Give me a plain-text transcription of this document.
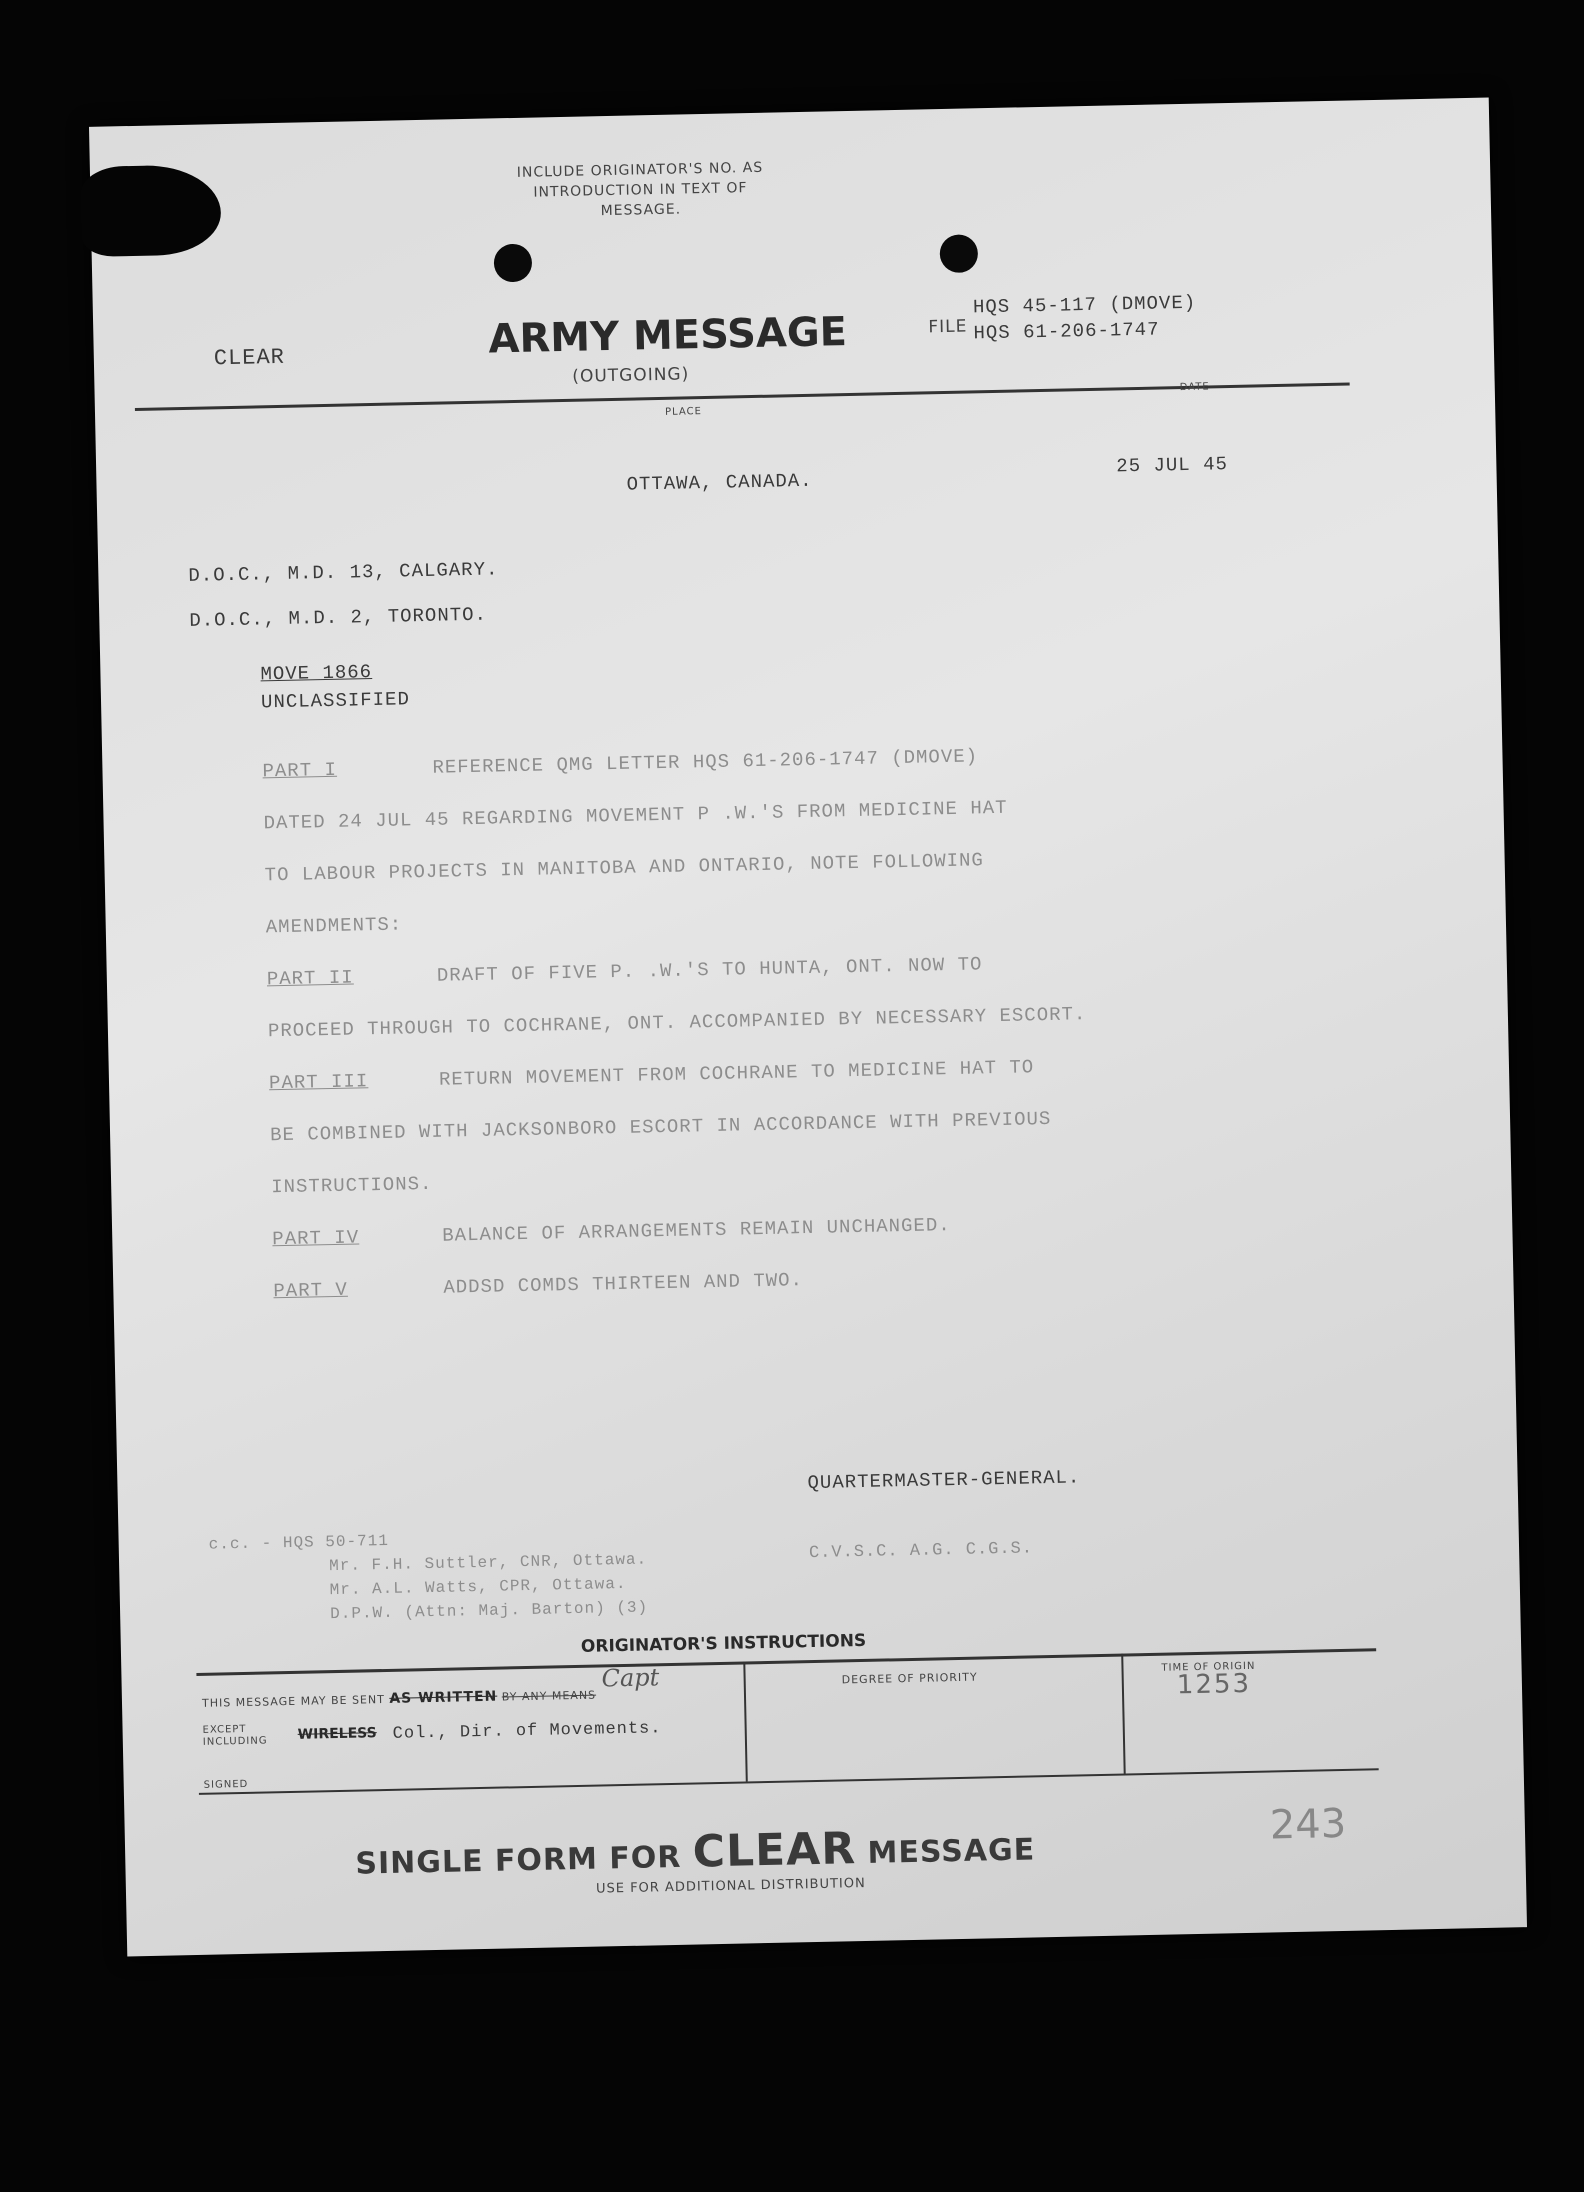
INCLUDE ORIGINATOR'S NO. AS
INTRODUCTION IN TEXT OF
MESSAGE.
CLEAR	ARMY MESSAGE
(OUTGOING)
FILE
HQS 45-117 (DMOVE)
HQS 61-206-1747
PLACE
DATE
OTTAWA, CANADA.
25 JUL 45
D.O.C., M.D. 13, CALGARY.
D.O.C., M.D. 2, TORONTO.
MOVE 1866
UNCLASSIFIED
PART I	REFERENCE QMG LETTER HQS 61-206-1747 (DMOVE)
DATED 24 JUL 45 REGARDING MOVEMENT P .W.'S FROM MEDICINE HAT
TO LABOUR PROJECTS IN MANITOBA AND ONTARIO, NOTE FOLLOWING
AMENDMENTS:
PART II	DRAFT OF FIVE P. .W.'S TO HUNTA, ONT. NOW TO
PROCEED THROUGH TO COCHRANE, ONT. ACCOMPANIED BY NECESSARY ESCORT.
PART III	RETURN MOVEMENT FROM COCHRANE TO MEDICINE HAT TO
BE COMBINED WITH JACKSONBORO ESCORT IN ACCORDANCE WITH PREVIOUS
INSTRUCTIONS.
PART IV	BALANCE OF ARRANGEMENTS REMAIN UNCHANGED.
PART V	ADDSD COMDS THIRTEEN AND TWO.
QUARTERMASTER-GENERAL.
c.c. - HQS 50-711
Mr. F.H. Suttler, CNR, Ottawa.
Mr. A.L. Watts, CPR, Ottawa.
D.P.W. (Attn: Maj. Barton) (3)
C.V.S.C. A.G. C.G.S.
ORIGINATOR'S INSTRUCTIONS
THIS MESSAGE MAY BE SENT AS WRITTEN BY ANY MEANS
Capt
EXCEPT
INCLUDING WIRELESS Col., Dir. of Movements.
SIGNED
DEGREE OF PRIORITY
TIME OF ORIGIN
1253
SINGLE FORM FOR CLEAR MESSAGE
USE FOR ADDITIONAL DISTRIBUTION
243
